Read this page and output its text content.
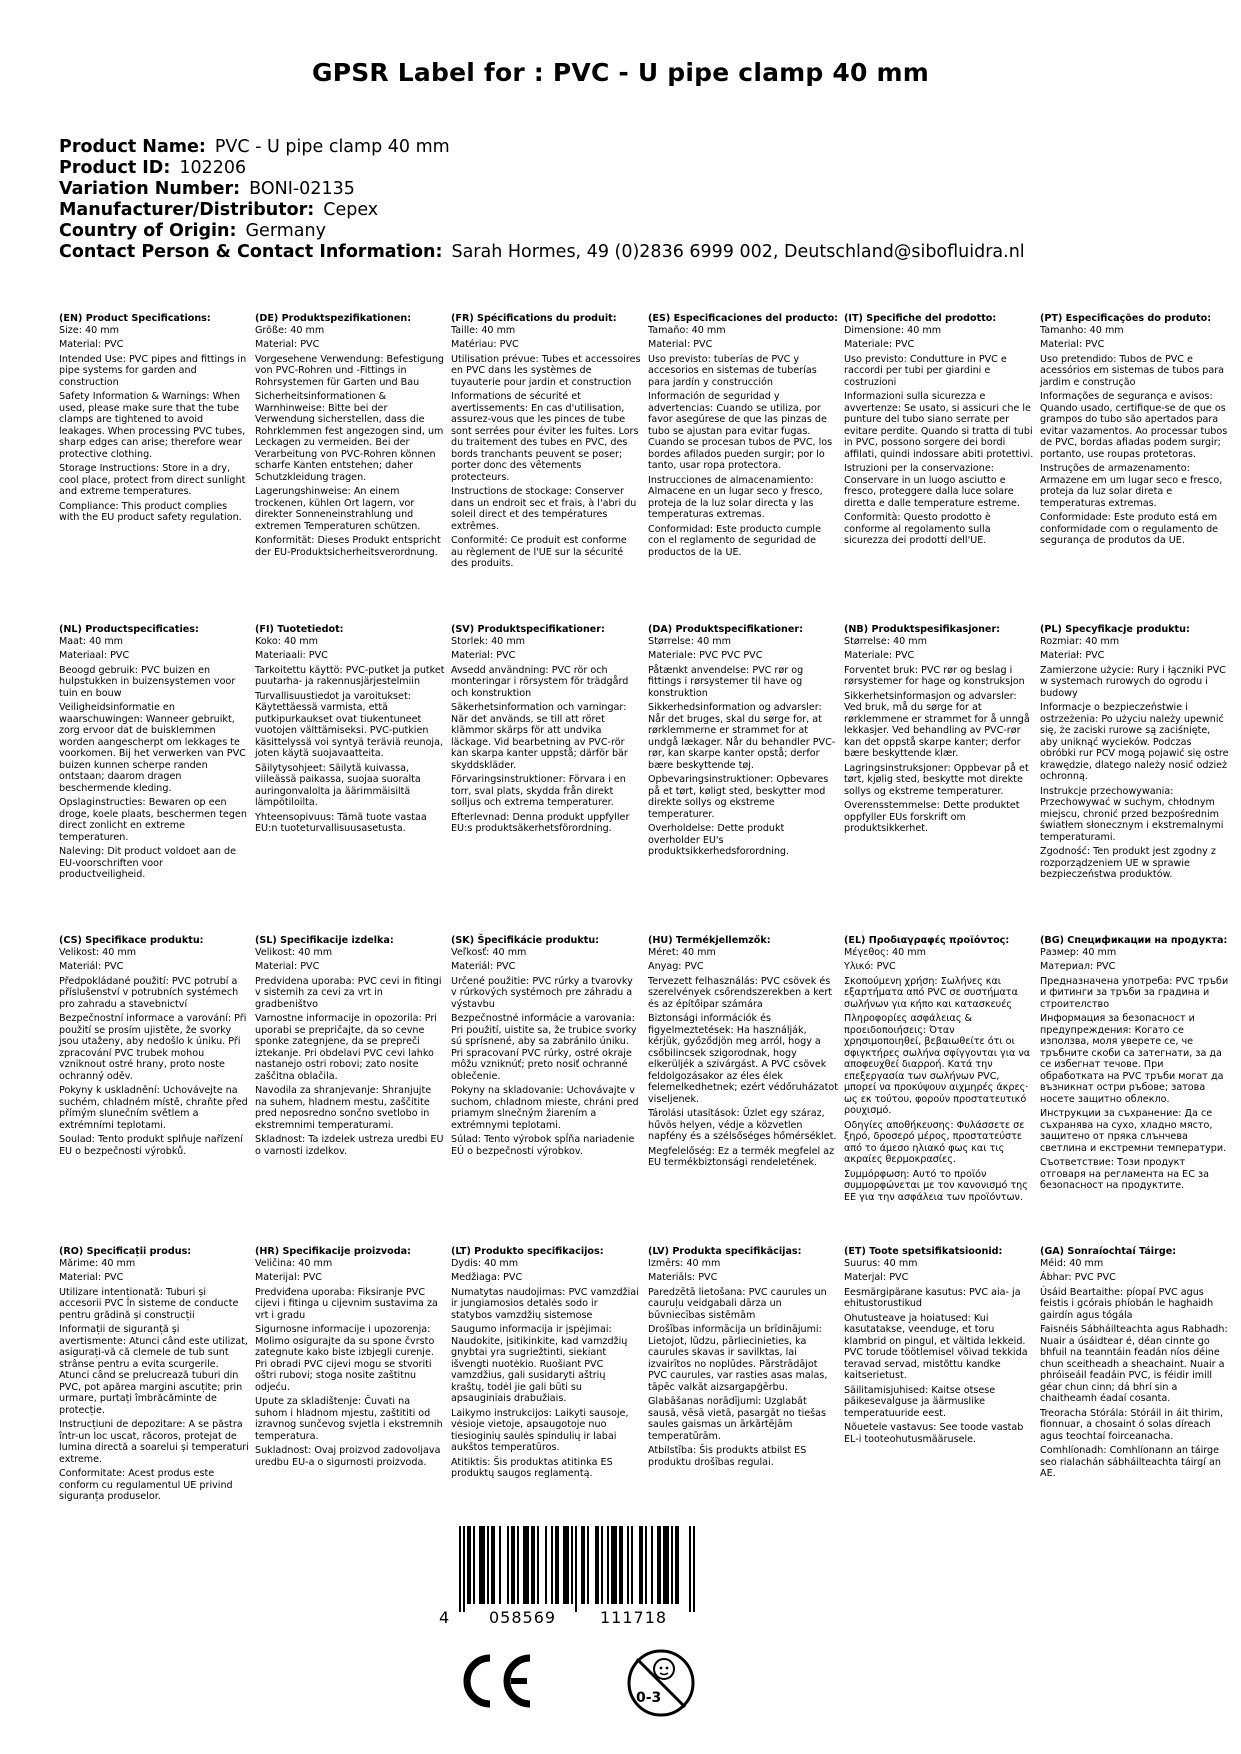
GPSR Label for : PVC - U pipe clamp 40 mm
Product Name: PVC - U pipe clamp 40 mm
Product ID: 102206
Variation Number: BONI-02135
Manufacturer/Distributor: Cepex
Country of Origin: Germany
Contact Person & Contact Information: Sarah Hormes, 49 (0)2836 6999 002, Deutschland@sibofluidra.nl
(EN) Product Specifications:

Size: 40 mm

Material: PVC

Intended Use: PVC pipes and fittings in pipe systems for garden and construction

Safety Information & Warnings: When used, please make sure that the tube clamps are tightened to avoid leakages. When processing PVC tubes, sharp edges can arise; therefore wear protective clothing.

Storage Instructions: Store in a dry, cool place, protect from direct sunlight and extreme temperatures.

Compliance: This product complies with the EU product safety regulation.

(DE) Produktspezifikationen:

Größe: 40 mm

Material: PVC

Vorgesehene Verwendung: Befestigung von PVC-Rohren und -Fittings in Rohrsystemen für Garten und Bau

Sicherheitsinformationen & Warnhinweise: Bitte bei der Verwendung sicherstellen, dass die Rohrklemmen fest angezogen sind, um Leckagen zu vermeiden. Bei der Verarbeitung von PVC-Rohren können scharfe Kanten entstehen; daher Schutzkleidung tragen.

Lagerungshinweise: An einem trockenen, kühlen Ort lagern, vor direkter Sonneneinstrahlung und extremen Temperaturen schützen.

Konformität: Dieses Produkt entspricht der EU-Produktsicherheitsverordnung.

(FR) Spécifications du produit:

Taille: 40 mm

Matériau: PVC

Utilisation prévue: Tubes et accessoires en PVC dans les systèmes de tuyauterie pour jardin et construction

Informations de sécurité et avertissements: En cas d'utilisation, assurez-vous que les pinces de tube sont serrées pour éviter les fuites. Lors du traitement des tubes en PVC, des bords tranchants peuvent se poser; porter donc des vêtements protecteurs.

Instructions de stockage: Conserver dans un endroit sec et frais, à l'abri du soleil direct et des températures extrêmes.

Conformité: Ce produit est conforme au règlement de l'UE sur la sécurité des produits.

(ES) Especificaciones del producto:

Tamaño: 40 mm

Material: PVC

Uso previsto: tuberías de PVC y accesorios en sistemas de tuberías para jardín y construcción

Información de seguridad y advertencias: Cuando se utiliza, por favor asegúrese de que las pinzas de tubo se ajustan para evitar fugas. Cuando se procesan tubos de PVC, los bordes afilados pueden surgir; por lo tanto, usar ropa protectora.

Instrucciones de almacenamiento: Almacene en un lugar seco y fresco, proteja de la luz solar directa y las temperaturas extremas.

Conformidad: Este producto cumple con el reglamento de seguridad de productos de la UE.

(IT) Specifiche del prodotto:

Dimensione: 40 mm

Materiale: PVC

Uso previsto: Condutture in PVC e raccordi per tubi per giardini e costruzioni

Informazioni sulla sicurezza e avvertenze: Se usato, si assicuri che le punture del tubo siano serrate per evitare perdite. Quando si tratta di tubi in PVC, possono sorgere dei bordi affilati, quindi indossare abiti protettivi.

Istruzioni per la conservazione: Conservare in un luogo asciutto e fresco, proteggere dalla luce solare diretta e dalle temperature estreme.

Conformità: Questo prodotto è conforme al regolamento sulla sicurezza dei prodotti dell'UE.

(PT) Especificações do produto:

Tamanho: 40 mm

Material: PVC

Uso pretendido: Tubos de PVC e acessórios em sistemas de tubos para jardim e construção

Informações de segurança e avisos: Quando usado, certifique-se de que os grampos do tubo são apertados para evitar vazamentos. Ao processar tubos de PVC, bordas afiadas podem surgir; portanto, use roupas protetoras.

Instruções de armazenamento: Armazene em um lugar seco e fresco, proteja da luz solar direta e temperaturas extremas.

Conformidade: Este produto está em conformidade com o regulamento de segurança de produtos da UE.

(NL) Productspecificaties:

Maat: 40 mm

Materiaal: PVC

Beoogd gebruik: PVC buizen en hulpstukken in buizensystemen voor tuin en bouw

Veiligheidsinformatie en waarschuwingen: Wanneer gebruikt, zorg ervoor dat de buisklemmen worden aangescherpt om lekkages te voorkomen. Bij het verwerken van PVC buizen kunnen scherpe randen ontstaan; daarom dragen beschermende kleding.

Opslaginstructies: Bewaren op een droge, koele plaats, beschermen tegen direct zonlicht en extreme temperaturen.

Naleving: Dit product voldoet aan de EU-voorschriften voor productveiligheid.

(FI) Tuotetiedot:

Koko: 40 mm

Materiaali: PVC

Tarkoitettu käyttö: PVC-putket ja putket puutarha- ja rakennusjärjestelmiin

Turvallisuustiedot ja varoitukset: Käytettäessä varmista, että putkipurkaukset ovat tiukentuneet vuotojen välttämiseksi. PVC-putkien käsittelyssä voi syntyä teräviä reunoja, joten käytä suojavaatteita.

Säilytysohjeet: Säilytä kuivassa, viileässä paikassa, suojaa suoralta auringonvalolta ja äärimmäisiltä lämpötiloilta.

Yhteensopivuus: Tämä tuote vastaa EU:n tuoteturvallisuusasetusta.

(SV) Produktspecifikationer:

Storlek: 40 mm

Material: PVC

Avsedd användning: PVC rör och monteringar i rörsystem för trädgård och konstruktion

Säkerhetsinformation och varningar: När det används, se till att röret klämmor skärps för att undvika läckage. Vid bearbetning av PVC-rör kan skarpa kanter uppstå; därför bär skyddskläder.

Förvaringsinstruktioner: Förvara i en torr, sval plats, skydda från direkt solljus och extrema temperaturer.

Efterlevnad: Denna produkt uppfyller EU:s produktsäkerhetsförordning.

(DA) Produktspecifikationer:

Størrelse: 40 mm

Materiale: PVC PVC PVC

Påtænkt anvendelse: PVC rør og fittings i rørsystemer til have og konstruktion

Sikkerhedsinformation og advarsler: Når det bruges, skal du sørge for, at rørklemmerne er strammet for at undgå lækager. Når du behandler PVC-rør, kan skarpe kanter opstå; derfor bære beskyttende tøj.

Opbevaringsinstruktioner: Opbevares på et tørt, køligt sted, beskytter mod direkte sollys og ekstreme temperaturer.

Overholdelse: Dette produkt overholder EU's produktsikkerhedsforordning.

(NB) Produktspesifikasjoner:

Størrelse: 40 mm

Materiale: PVC

Forventet bruk: PVC rør og beslag i rørsystemer for hage og konstruksjon

Sikkerhetsinformasjon og advarsler: Ved bruk, må du sørge for at rørklemmene er strammet for å unngå lekkasjer. Ved behandling av PVC-rør kan det oppstå skarpe kanter; derfor bære beskyttende klær.

Lagringsinstruksjoner: Oppbevar på et tørt, kjølig sted, beskytte mot direkte sollys og ekstreme temperaturer.

Overensstemmelse: Dette produktet oppfyller EUs forskrift om produktsikkerhet.

(PL) Specyfikacje produktu:

Rozmiar: 40 mm

Materiał: PVC

Zamierzone użycie: Rury i łączniki PVC w systemach rurowych do ogrodu i budowy

Informacje o bezpieczeństwie i ostrzeżenia: Po użyciu należy upewnić się, że zaciski rurowe są zaciśnięte, aby uniknąć wycieków. Podczas obróbki rur PCV mogą pojawić się ostre krawędzie, dlatego należy nosić odzież ochronną.

Instrukcje przechowywania: Przechowywać w suchym, chłodnym miejscu, chronić przed bezpośrednim światłem słonecznym i ekstremalnymi temperaturami.

Zgodność: Ten produkt jest zgodny z rozporządzeniem UE w sprawie bezpieczeństwa produktów.

(CS) Specifikace produktu:

Velikost: 40 mm

Materiál: PVC

Předpokládané použití: PVC potrubí a příslušenství v potrubních systémech pro zahradu a stavebnictví

Bezpečnostní informace a varování: Při použití se prosím ujistěte, že svorky jsou utaženy, aby nedošlo k úniku. Při zpracování PVC trubek mohou vzniknout ostré hrany, proto noste ochranný oděv.

Pokyny k uskladnění: Uchovávejte na suchém, chladném místě, chraňte před přímým slunečním světlem a extrémními teplotami.

Soulad: Tento produkt splňuje nařízení EU o bezpečnosti výrobků.

(SL) Specifikacije izdelka:

Velikost: 40 mm

Material: PVC

Predvidena uporaba: PVC cevi in fitingi v sistemih za cevi za vrt in gradbeništvo

Varnostne informacije in opozorila: Pri uporabi se prepričajte, da so cevne sponke zategnjene, da se prepreči iztekanje. Pri obdelavi PVC cevi lahko nastanejo ostri robovi; zato nosite zaščitna oblačila.

Navodila za shranjevanje: Shranjujte na suhem, hladnem mestu, zaščitite pred neposredno sončno svetlobo in ekstremnimi temperaturami.

Skladnost: Ta izdelek ustreza uredbi EU o varnosti izdelkov.

(SK) Špecifikácie produktu:

Veľkosť: 40 mm

Materiál: PVC

Určené použitie: PVC rúrky a tvarovky v rúrkových systémoch pre záhradu a výstavbu

Bezpečnostné informácie a varovania: Pri použití, uistite sa, že trubice svorky sú sprísnené, aby sa zabránilo úniku. Pri spracovaní PVC rúrky, ostré okraje môžu vzniknúť; preto nosiť ochranné oblečenie.

Pokyny na skladovanie: Uchovávajte v suchom, chladnom mieste, chráni pred priamym slnečným žiarením a extrémnymi teplotami.

Súlad: Tento výrobok spĺňa nariadenie EÚ o bezpečnosti výrobkov.

(HU) Termékjellemzők:

Méret: 40 mm

Anyag: PVC

Tervezett felhasználás: PVC csövek és szerelvények csőrendszerekben a kert és az építőipar számára

Biztonsági információk és figyelmeztetések: Ha használják, kérjük, győződjön meg arról, hogy a csőbilincsek szigorodnak, hogy elkerüljék a szivárgást. A PVC csövek feldolgozásakor az éles élek felemelkedhetnek; ezért védőruházatot viseljenek.

Tárolási utasítások: Üzlet egy száraz, hűvös helyen, védje a közvetlen napfény és a szélsőséges hőmérséklet.

Megfelelőség: Ez a termék megfelel az EU termékbiztonsági rendeletének.

(EL) Προδιαγραφές προϊόντος:

Μέγεθος: 40 mm

Υλικό: PVC

Σκοπούμενη χρήση: Σωλήνες και εξαρτήματα από PVC σε συστήματα σωλήνων για κήπο και κατασκευές

Πληροφορίες ασφάλειας & προειδοποιήσεις: Όταν χρησιμοποιηθεί, βεβαιωθείτε ότι οι σφιγκτήρες σωλήνα σφίγγονται για να αποφευχθεί διαρροή. Κατά την επεξεργασία των σωλήνων PVC, μπορεί να προκύψουν αιχμηρές άκρες· ως εκ τούτου, φορούν προστατευτικό ρουχισμό.

Οδηγίες αποθήκευσης: Φυλάσσετε σε ξηρό, δροσερό μέρος, προστατεύστε από το άμεσο ηλιακό φως και τις ακραίες θερμοκρασίες.

Συμμόρφωση: Αυτό το προϊόν συμμορφώνεται με τον κανονισμό της ΕΕ για την ασφάλεια των προϊόντων.

(BG) Спецификации на продукта:

Размер: 40 mm

Материал: PVC

Предназначена употреба: PVC тръби и фитинги за тръби за градина и строителство

Информация за безопасност и предупреждения: Когато се използва, моля уверете се, че тръбните скоби са затегнати, за да се избегнат течове. При обработката на PVC тръби могат да възникнат остри ръбове; затова носете защитно облекло.

Инструкции за съхранение: Да се съхранява на сухо, хладно място, защитено от пряка слънчева светлина и екстремни температури.

Съответствие: Този продукт отговаря на регламента на ЕС за безопасност на продуктите.

(RO) Specificații produs:

Mărime: 40 mm

Material: PVC

Utilizare intenționată: Tuburi și accesorii PVC în sisteme de conducte pentru grădină și construcții

Informații de siguranță și avertismente: Atunci când este utilizat, asigurați-vă că clemele de tub sunt strânse pentru a evita scurgerile. Atunci când se prelucrează tuburi din PVC, pot apărea margini ascuțite; prin urmare, purtați îmbrăcăminte de protecție.

Instrucțiuni de depozitare: A se păstra într-un loc uscat, răcoros, protejat de lumina directă a soarelui și temperaturi extreme.

Conformitate: Acest produs este conform cu regulamentul UE privind siguranța produselor.

(HR) Specifikacije proizvoda:

Veličina: 40 mm

Materijal: PVC

Predviđena uporaba: Fiksiranje PVC cijevi i fitinga u cijevnim sustavima za vrt i gradu

Sigurnosne informacije i upozorenja: Molimo osigurajte da su spone čvrsto zategnute kako biste izbjegli curenje. Pri obradi PVC cijevi mogu se stvoriti oštri rubovi; stoga nosite zaštitnu odjeću.

Upute za skladištenje: Čuvati na suhom i hladnom mjestu, zaštititi od izravnog sunčevog svjetla i ekstremnih temperatura.

Sukladnost: Ovaj proizvod zadovoljava uredbu EU-a o sigurnosti proizvoda.

(LT) Produkto specifikacijos:

Dydis: 40 mm

Medžiaga: PVC

Numatytas naudojimas: PVC vamzdžiai ir jungiamosios detalės sodo ir statybos vamzdžių sistemose

Saugumo informacija ir įspėjimai: Naudokite, įsitikinkite, kad vamzdžių gnybtai yra sugriežtinti, siekiant išvengti nuotėkio. Ruošiant PVC vamzdžius, gali susidaryti aštrių kraštų, todėl jie gali būti su apsauginiais drabužiais.

Laikymo instrukcijos: Laikyti sausoje, vėsioje vietoje, apsaugotoje nuo tiesioginių saulės spindulių ir labai aukštos temperatūros.

Atitiktis: Šis produktas atitinka ES produktų saugos reglamentą.

(LV) Produkta specifikācijas:

Izmērs: 40 mm

Materiāls: PVC

Paredzētā lietošana: PVC caurules un cauruļu veidgabali dārza un būvniecības sistēmām

Drošības informācija un brīdinājumi: Lietojot, lūdzu, pārliecinieties, ka caurules skavas ir savilktas, lai izvairītos no noplūdes. Pārstrādājot PVC caurules, var rasties asas malas, tāpēc valkāt aizsargapģērbu.

Glabāšanas norādījumi: Uzglabāt sausā, vēsā vietā, pasargāt no tiešas saules gaismas un ārkārtējām temperatūrām.

Atbilstība: Šis produkts atbilst ES produktu drošības regulai.

(ET) Toote spetsifikatsioonid:

Suurus: 40 mm

Materjal: PVC

Eesmärgipärane kasutus: PVC aia- ja ehitustorustikud

Ohutusteave ja hoiatused: Kui kasutatakse, veenduge, et toru klambrid on pingul, et vältida lekkeid. PVC torude töötlemisel võivad tekkida teravad servad, mistõttu kandke kaitserietust.

Säilitamisjuhised: Kaitse otsese päikesevalguse ja äärmuslike temperatuuride eest.

Nõuetele vastavus: See toode vastab EL-i tooteohutusmäärusele.

(GA) Sonraíochtaí Táirge:

Méid: 40 mm

Ábhar: PVC PVC

Úsáid Beartaithe: píopaí PVC agus feistis i gcórais phíobán le haghaidh gairdín agus tógála

Faisnéis Sábháilteachta agus Rabhadh: Nuair a úsáidtear é, déan cinnte go bhfuil na teanntáin feadán níos déine chun sceitheadh a sheachaint. Nuair a phróiseáil feadáin PVC, is féidir imill géar chun cinn; dá bhrí sin a chaitheamh éadaí cosanta.

Treoracha Stórála: Stóráil in áit thirim, fionnuar, a chosaint ó solas díreach agus teochtaí foirceanacha.

Comhlíonadh: Comhlíonann an táirge seo rialachán sábháilteachta táirgí an AE.

4 058569	111718
CE
0-3
